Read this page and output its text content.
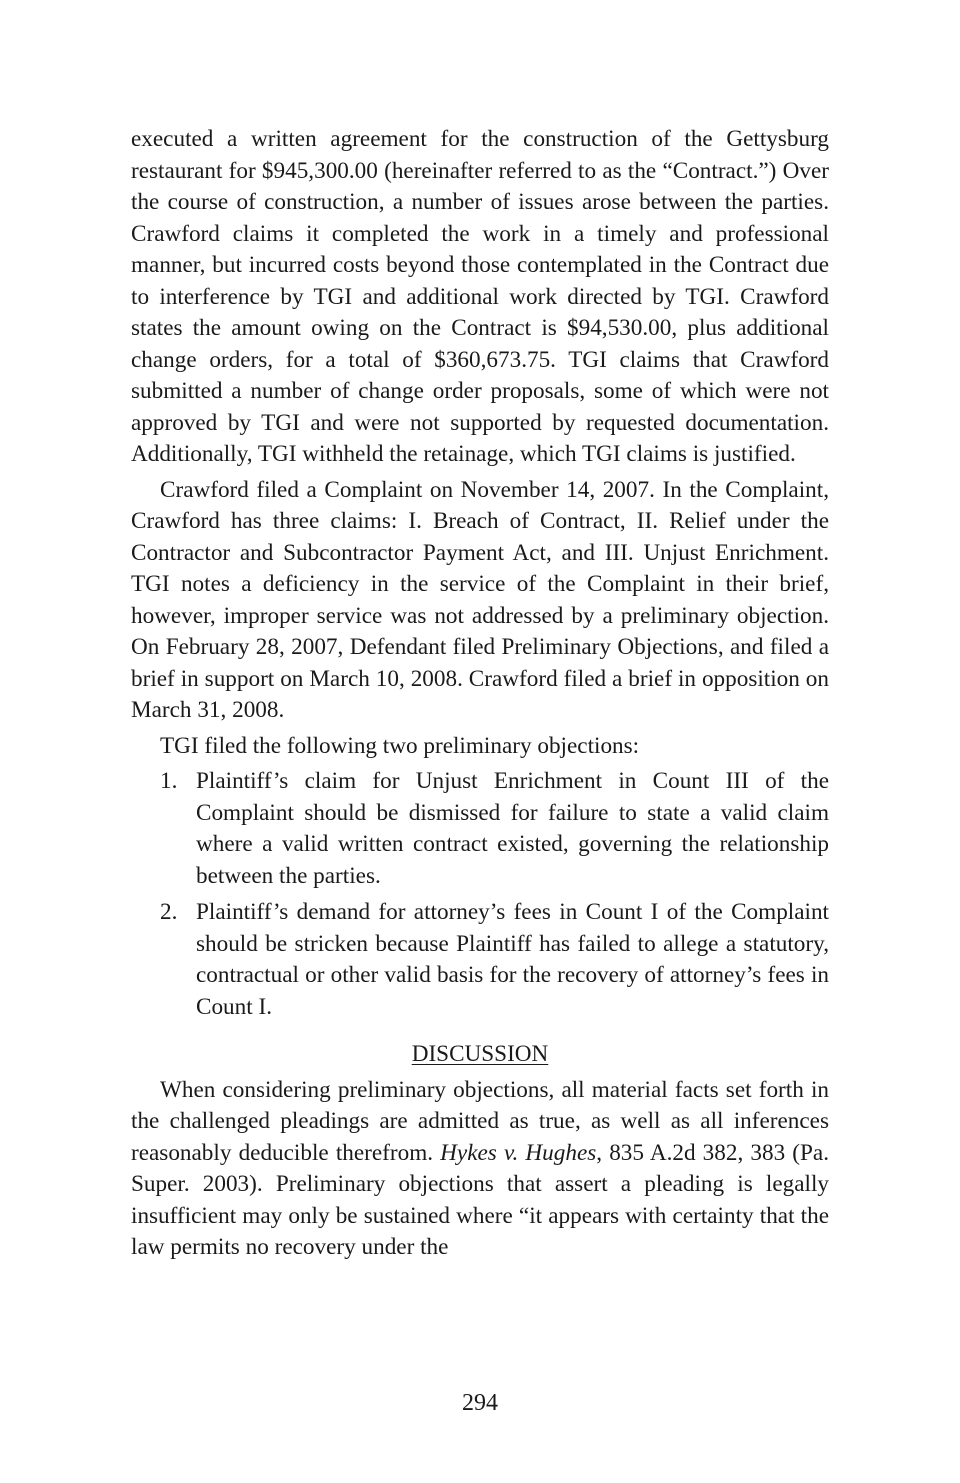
executed a written agreement for the construction of the Gettysburg restaurant for $945,300.00 (hereinafter referred to as the “Contract.”) Over the course of construction, a number of issues arose between the parties. Crawford claims it completed the work in a timely and professional manner, but incurred costs beyond those contemplated in the Contract due to interference by TGI and additional work directed by TGI. Crawford states the amount owing on the Contract is $94,530.00, plus additional change orders, for a total of $360,673.75. TGI claims that Crawford submitted a number of change order proposals, some of which were not approved by TGI and were not supported by requested documentation. Additionally, TGI withheld the retainage, which TGI claims is justified.

Crawford filed a Complaint on November 14, 2007. In the Complaint, Crawford has three claims: I. Breach of Contract, II. Relief under the Contractor and Subcontractor Payment Act, and III. Unjust Enrichment. TGI notes a deficiency in the service of the Complaint in their brief, however, improper service was not addressed by a preliminary objection. On February 28, 2007, Defendant filed Preliminary Objections, and filed a brief in support on March 10, 2008. Crawford filed a brief in opposition on March 31, 2008.

TGI filed the following two preliminary objections:

1. Plaintiff’s claim for Unjust Enrichment in Count III of the Complaint should be dismissed for failure to state a valid claim where a valid written contract existed, governing the relationship between the parties.
2. Plaintiff’s demand for attorney’s fees in Count I of the Complaint should be stricken because Plaintiff has failed to allege a statutory, contractual or other valid basis for the recovery of attorney’s fees in Count I.
DISCUSSION

When considering preliminary objections, all material facts set forth in the challenged pleadings are admitted as true, as well as all inferences reasonably deducible therefrom. Hykes v. Hughes, 835 A.2d 382, 383 (Pa. Super. 2003). Preliminary objections that assert a pleading is legally insufficient may only be sustained where “it appears with certainty that the law permits no recovery under the

294
